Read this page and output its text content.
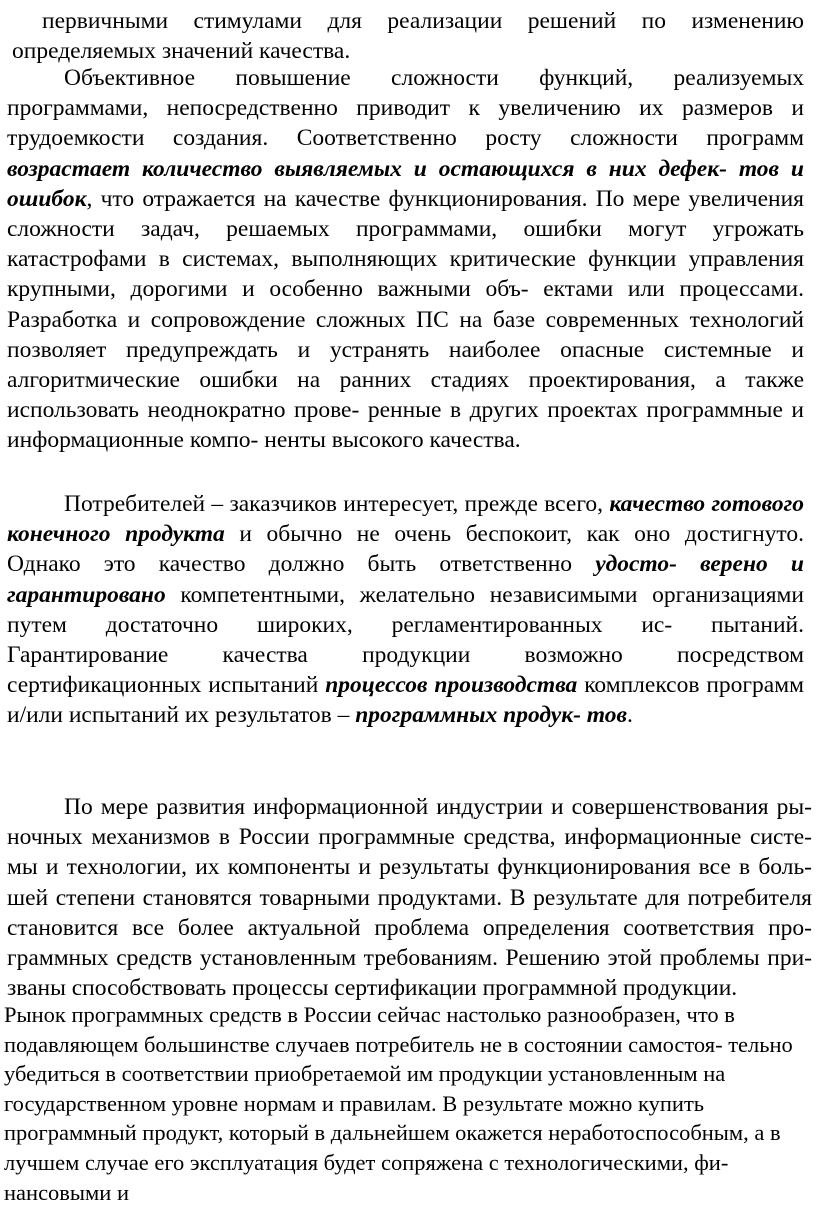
первичными стимулами для реализации решений по изменению определяемых значений качества.

Объективное повышение сложности функций, реализуемых программами, непосредственно приводит к увеличению их размеров и трудоемкости создания. Соответственно росту сложности программ возрастает количество выявляемых и остающихся в них дефек- тов и ошибок, что отражается на качестве функционирования. По мере увеличения сложности задач, решаемых программами, ошибки могут угрожать катастрофами в системах, выполняющих критические функции управления крупными, дорогими и особенно важными объ- ектами или процессами. Разработка и сопровождение сложных ПС на базе современных технологий позволяет предупреждать и устранять наиболее опасные системные и алгоритмические ошибки на ранних стадиях проектирования, а также использовать неоднократно прове- ренные в других проектах программные и информационные компо- ненты высокого качества.

Потребителей – заказчиков интересует, прежде всего, качество готового конечного продукта и обычно не очень беспокоит, как оно достигнуто. Однако это качество должно быть ответственно удосто- верено и гарантировано компетентными, желательно независимыми организациями путем достаточно широких, регламентированных ис- пытаний. Гарантирование качества продукции возможно посредством сертификационных испытаний процессов производства комплексов программ и/или испытаний их результатов – программных продук- тов.

По мере развития информационной индустрии и совершенствования ры- ночных механизмов в России программные средства, информационные систе- мы и технологии, их компоненты и результаты функционирования все в боль- шей степени становятся товарными продуктами. В результате для потребителя становится все более актуальной проблема определения соответствия про- граммных средств установленным требованиям. Решению этой проблемы при- званы способствовать процессы сертификации программной продукции.

Рынок программных средств в России сейчас настолько разнообразен, что в подавляющем большинстве случаев потребитель не в состоянии самостоя- тельно убедиться в соответствии приобретаемой им продукции установленным на государственном уровне нормам и правилам. В результате можно купить программный продукт, который в дальнейшем окажется неработоспособным, а в лучшем случае его эксплуатация будет сопряжена с технологическими, фи- нансовыми и
